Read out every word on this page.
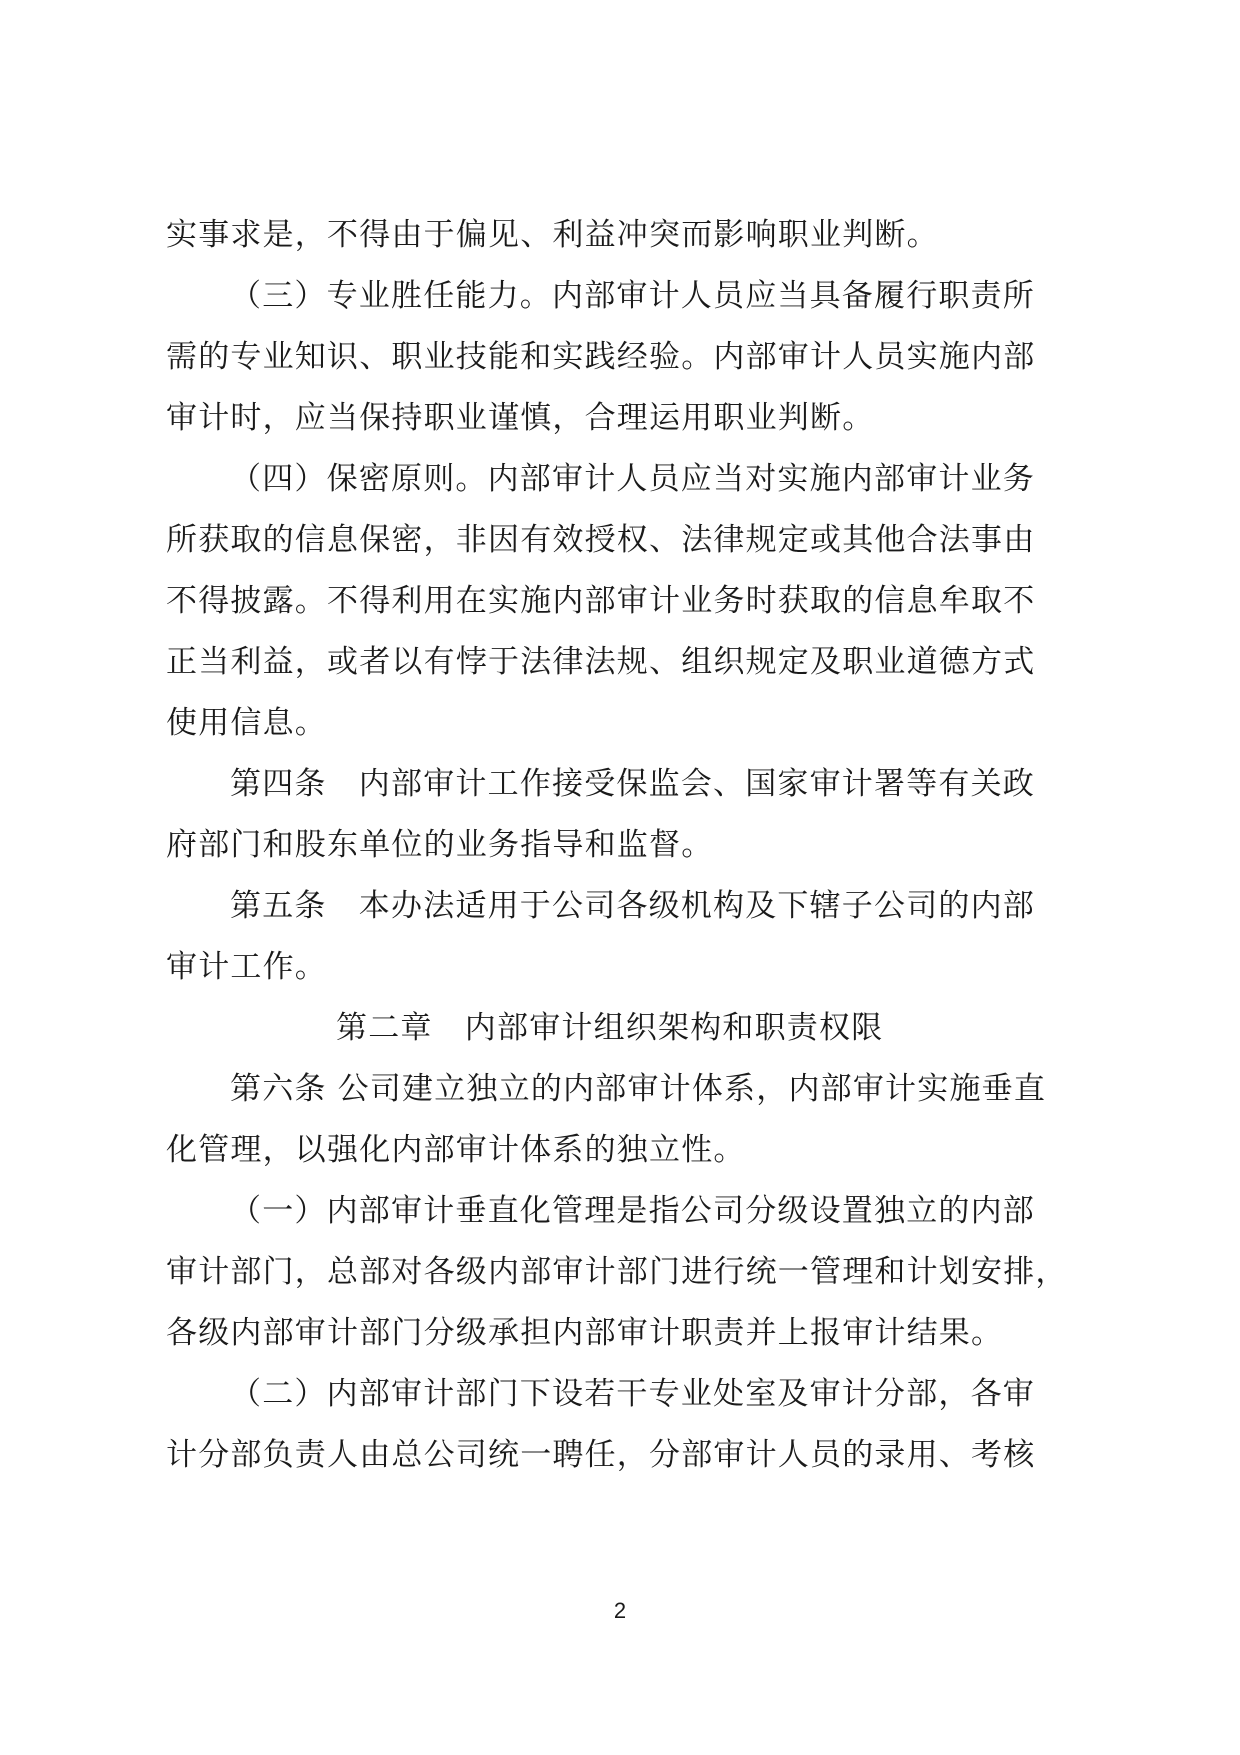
实事求是，不得由于偏见、利益冲突而影响职业判断。
（三）专业胜任能力。内部审计人员应当具备履行职责所
需的专业知识、职业技能和实践经验。内部审计人员实施内部
审计时，应当保持职业谨慎，合理运用职业判断。
（四）保密原则。内部审计人员应当对实施内部审计业务
所获取的信息保密，非因有效授权、法律规定或其他合法事由
不得披露。不得利用在实施内部审计业务时获取的信息牟取不
正当利益，或者以有悖于法律法规、组织规定及职业道德方式
使用信息。
第四条　内部审计工作接受保监会、国家审计署等有关政
府部门和股东单位的业务指导和监督。
第五条　本办法适用于公司各级机构及下辖子公司的内部
审计工作。
第二章　内部审计组织架构和职责权限
第六条 公司建立独立的内部审计体系，内部审计实施垂直
化管理，以强化内部审计体系的独立性。
（一）内部审计垂直化管理是指公司分级设置独立的内部
审计部门，总部对各级内部审计部门进行统一管理和计划安排，
各级内部审计部门分级承担内部审计职责并上报审计结果。
（二）内部审计部门下设若干专业处室及审计分部，各审
计分部负责人由总公司统一聘任，分部审计人员的录用、考核
2
